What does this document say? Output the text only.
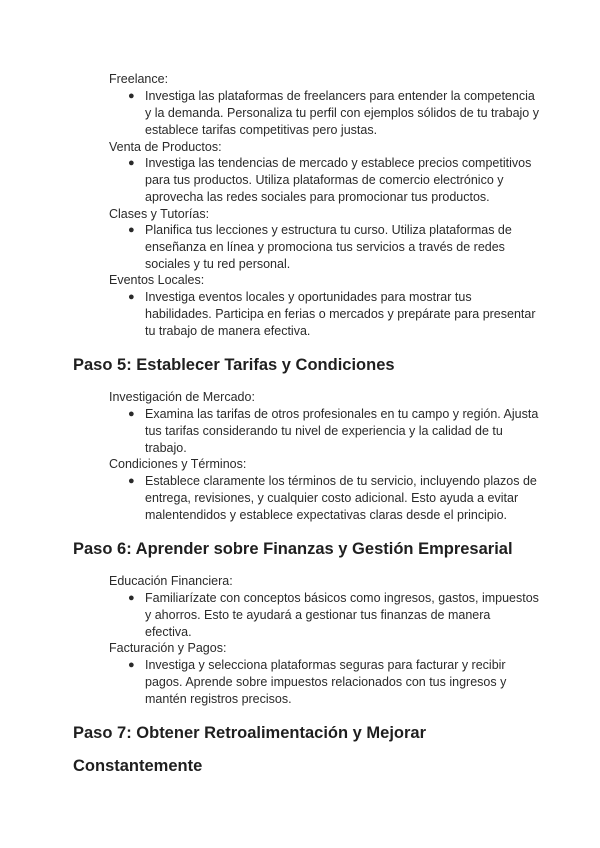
Freelance:
● Investiga las plataformas de freelancers para entender la competencia y la demanda. Personaliza tu perfil con ejemplos sólidos de tu trabajo y establece tarifas competitivas pero justas.
Venta de Productos:
● Investiga las tendencias de mercado y establece precios competitivos para tus productos. Utiliza plataformas de comercio electrónico y aprovecha las redes sociales para promocionar tus productos.
Clases y Tutorías:
● Planifica tus lecciones y estructura tu curso. Utiliza plataformas de enseñanza en línea y promociona tus servicios a través de redes sociales y tu red personal.
Eventos Locales:
● Investiga eventos locales y oportunidades para mostrar tus habilidades. Participa en ferias o mercados y prepárate para presentar tu trabajo de manera efectiva.
Paso 5: Establecer Tarifas y Condiciones
Investigación de Mercado:
● Examina las tarifas de otros profesionales en tu campo y región. Ajusta tus tarifas considerando tu nivel de experiencia y la calidad de tu trabajo.
Condiciones y Términos:
● Establece claramente los términos de tu servicio, incluyendo plazos de entrega, revisiones, y cualquier costo adicional. Esto ayuda a evitar malentendidos y establece expectativas claras desde el principio.
Paso 6: Aprender sobre Finanzas y Gestión Empresarial
Educación Financiera:
● Familiarízate con conceptos básicos como ingresos, gastos, impuestos y ahorros. Esto te ayudará a gestionar tus finanzas de manera efectiva.
Facturación y Pagos:
● Investiga y selecciona plataformas seguras para facturar y recibir pagos. Aprende sobre impuestos relacionados con tus ingresos y mantén registros precisos.
Paso 7: Obtener Retroalimentación y Mejorar Constantemente
